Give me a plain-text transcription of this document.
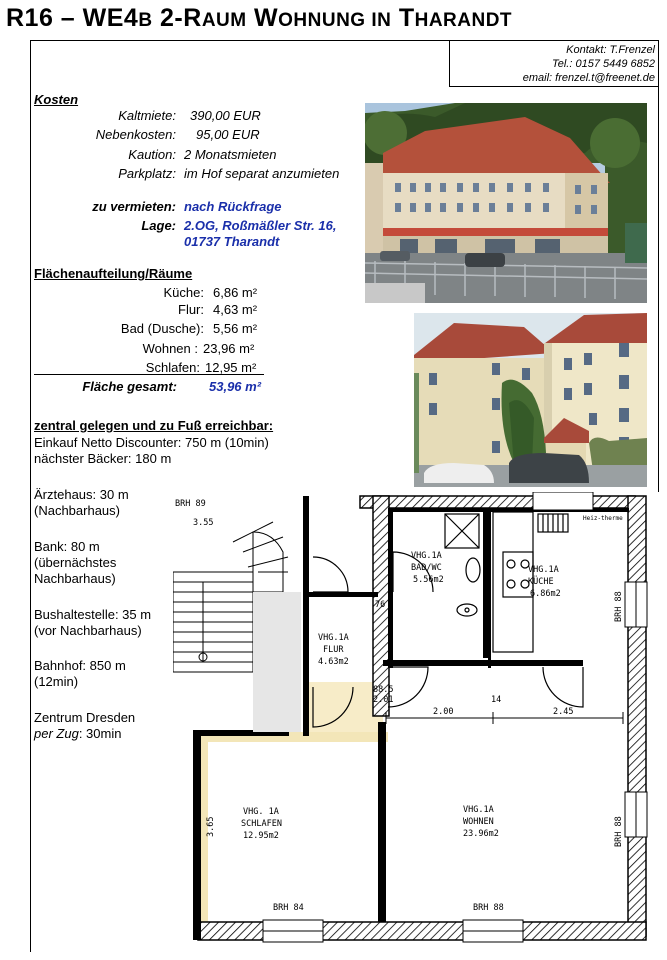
R16 – WE4B 2-RAUM WOHNUNG IN THARANDT
Kontakt: T.Frenzel
Tel.: 0157 5449 6852
email: frenzel.t@freenet.de
Kosten
Kaltmiete: 390,00 EUR
Nebenkosten: 95,00 EUR
Kaution: 2 Monatsmieten
Parkplatz: im Hof separat anzumieten
zu vermieten: nach Rückfrage
Lage: 2.OG, Roßmäßler Str. 16,
01737 Tharandt
Flächenaufteilung/Räume
Küche: 6,86 m²
Flur: 4,63 m²
Bad (Dusche): 5,56 m²
Wohnen : 23,96 m²
Schlafen: 12,95 m²
Fläche gesamt: 53,96 m²
zentral gelegen und zu Fuß erreichbar:
Einkauf Netto Discounter: 750 m (10min)
nächster Bäcker: 180 m
Ärztehaus: 30 m
(Nachbarhaus)
Bank: 80 m
(übernächstes
Nachbarhaus)
Bushaltestelle: 35 m
(vor Nachbarhaus)
Bahnhof: 850 m
(12min)
Zentrum Dresden
per Zug: 30min
BRH 89
3.55
VHG.1A
BAD/WC
5.56m2
VHG.1A
KÜCHE
6.86m2
VHG.1A
FLUR
4.63m2
VHG. 1A
SCHLAFEN
12.95m2
VHG.1A
WOHNEN
23.96m2
BRH 84	BRH 88
2.00	2.45
14
76
88.5
2.01
Heiz-therme
BRH 88
BRH 88
3.65
